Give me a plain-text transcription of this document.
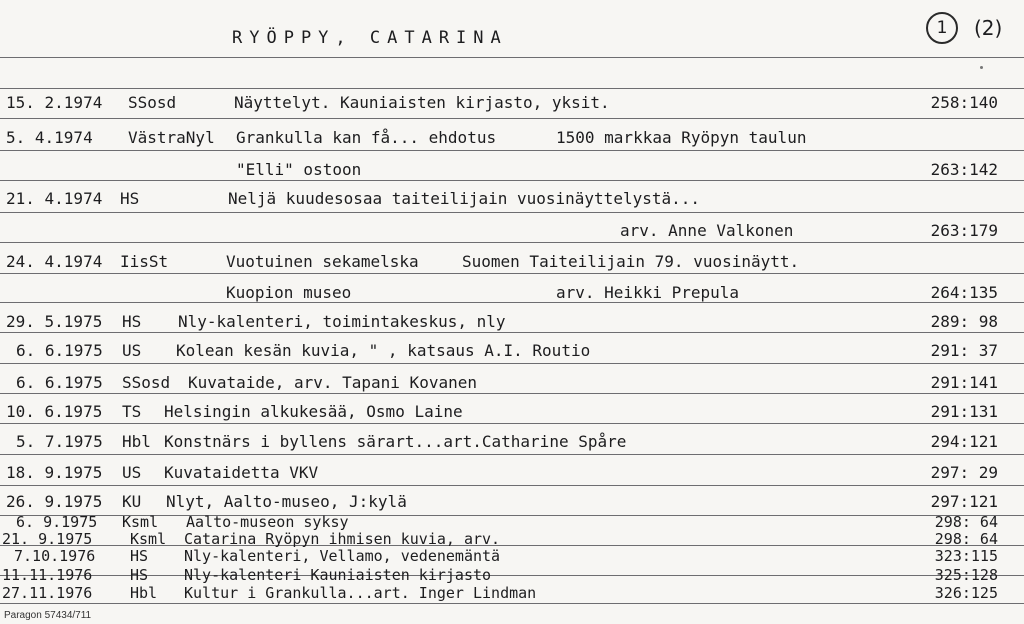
RYÖPPY, CATARINA	1 (2)
15. 2.1974 SSosd	Näyttelyt. Kauniaisten kirjasto, yksit.	258:140
5. 4.1974 VästraNyl Grankulla kan få... ehdotus	1500 markkaa Ryöpyn taulun
"Elli" ostoon	263:142
21. 4.1974 HS	Neljä kuudesosaa taiteilijain vuosinäyttelystä...
arv. Anne Valkonen	263:179
24. 4.1974 IisSt	Vuotuinen sekamelska	Suomen Taiteilijain 79. vuosinäytt.
Kuopion museo	arv. Heikki Prepula	264:135
29. 5.1975 HS Nly-kalenteri, toimintakeskus, nly	289: 98
6. 6.1975 US Kolean kesän kuvia, " , katsaus A.I. Routio	291: 37
6. 6.1975 SSosd Kuvataide, arv. Tapani Kovanen	291:141
10. 6.1975 TS Helsingin alkukesää, Osmo Laine	291:131
5. 7.1975 Hbl Konstnärs i byllens särart...art.Catharine Spåre	294:121
18. 9.1975 US Kuvataidetta VKV	297: 29
26. 9.1975 KU Nlyt, Aalto-museo, J:kylä	297:121
6. 9.1975 Ksml Aalto-museon syksy	298: 64
21. 9.1975	Ksml Catarina Ryöpyn ihmisen kuvia, arv.	298: 64
7.10.1976 HS Nly-kalenteri, Vellamo, vedenemäntä	323:115
11.11.1976	HS Nly-kalenteri Kauniaisten kirjasto	325:128
27.11.1976	Hbl Kultur i Grankulla...art. Inger Lindman	326:125
Paragon 57434/711
